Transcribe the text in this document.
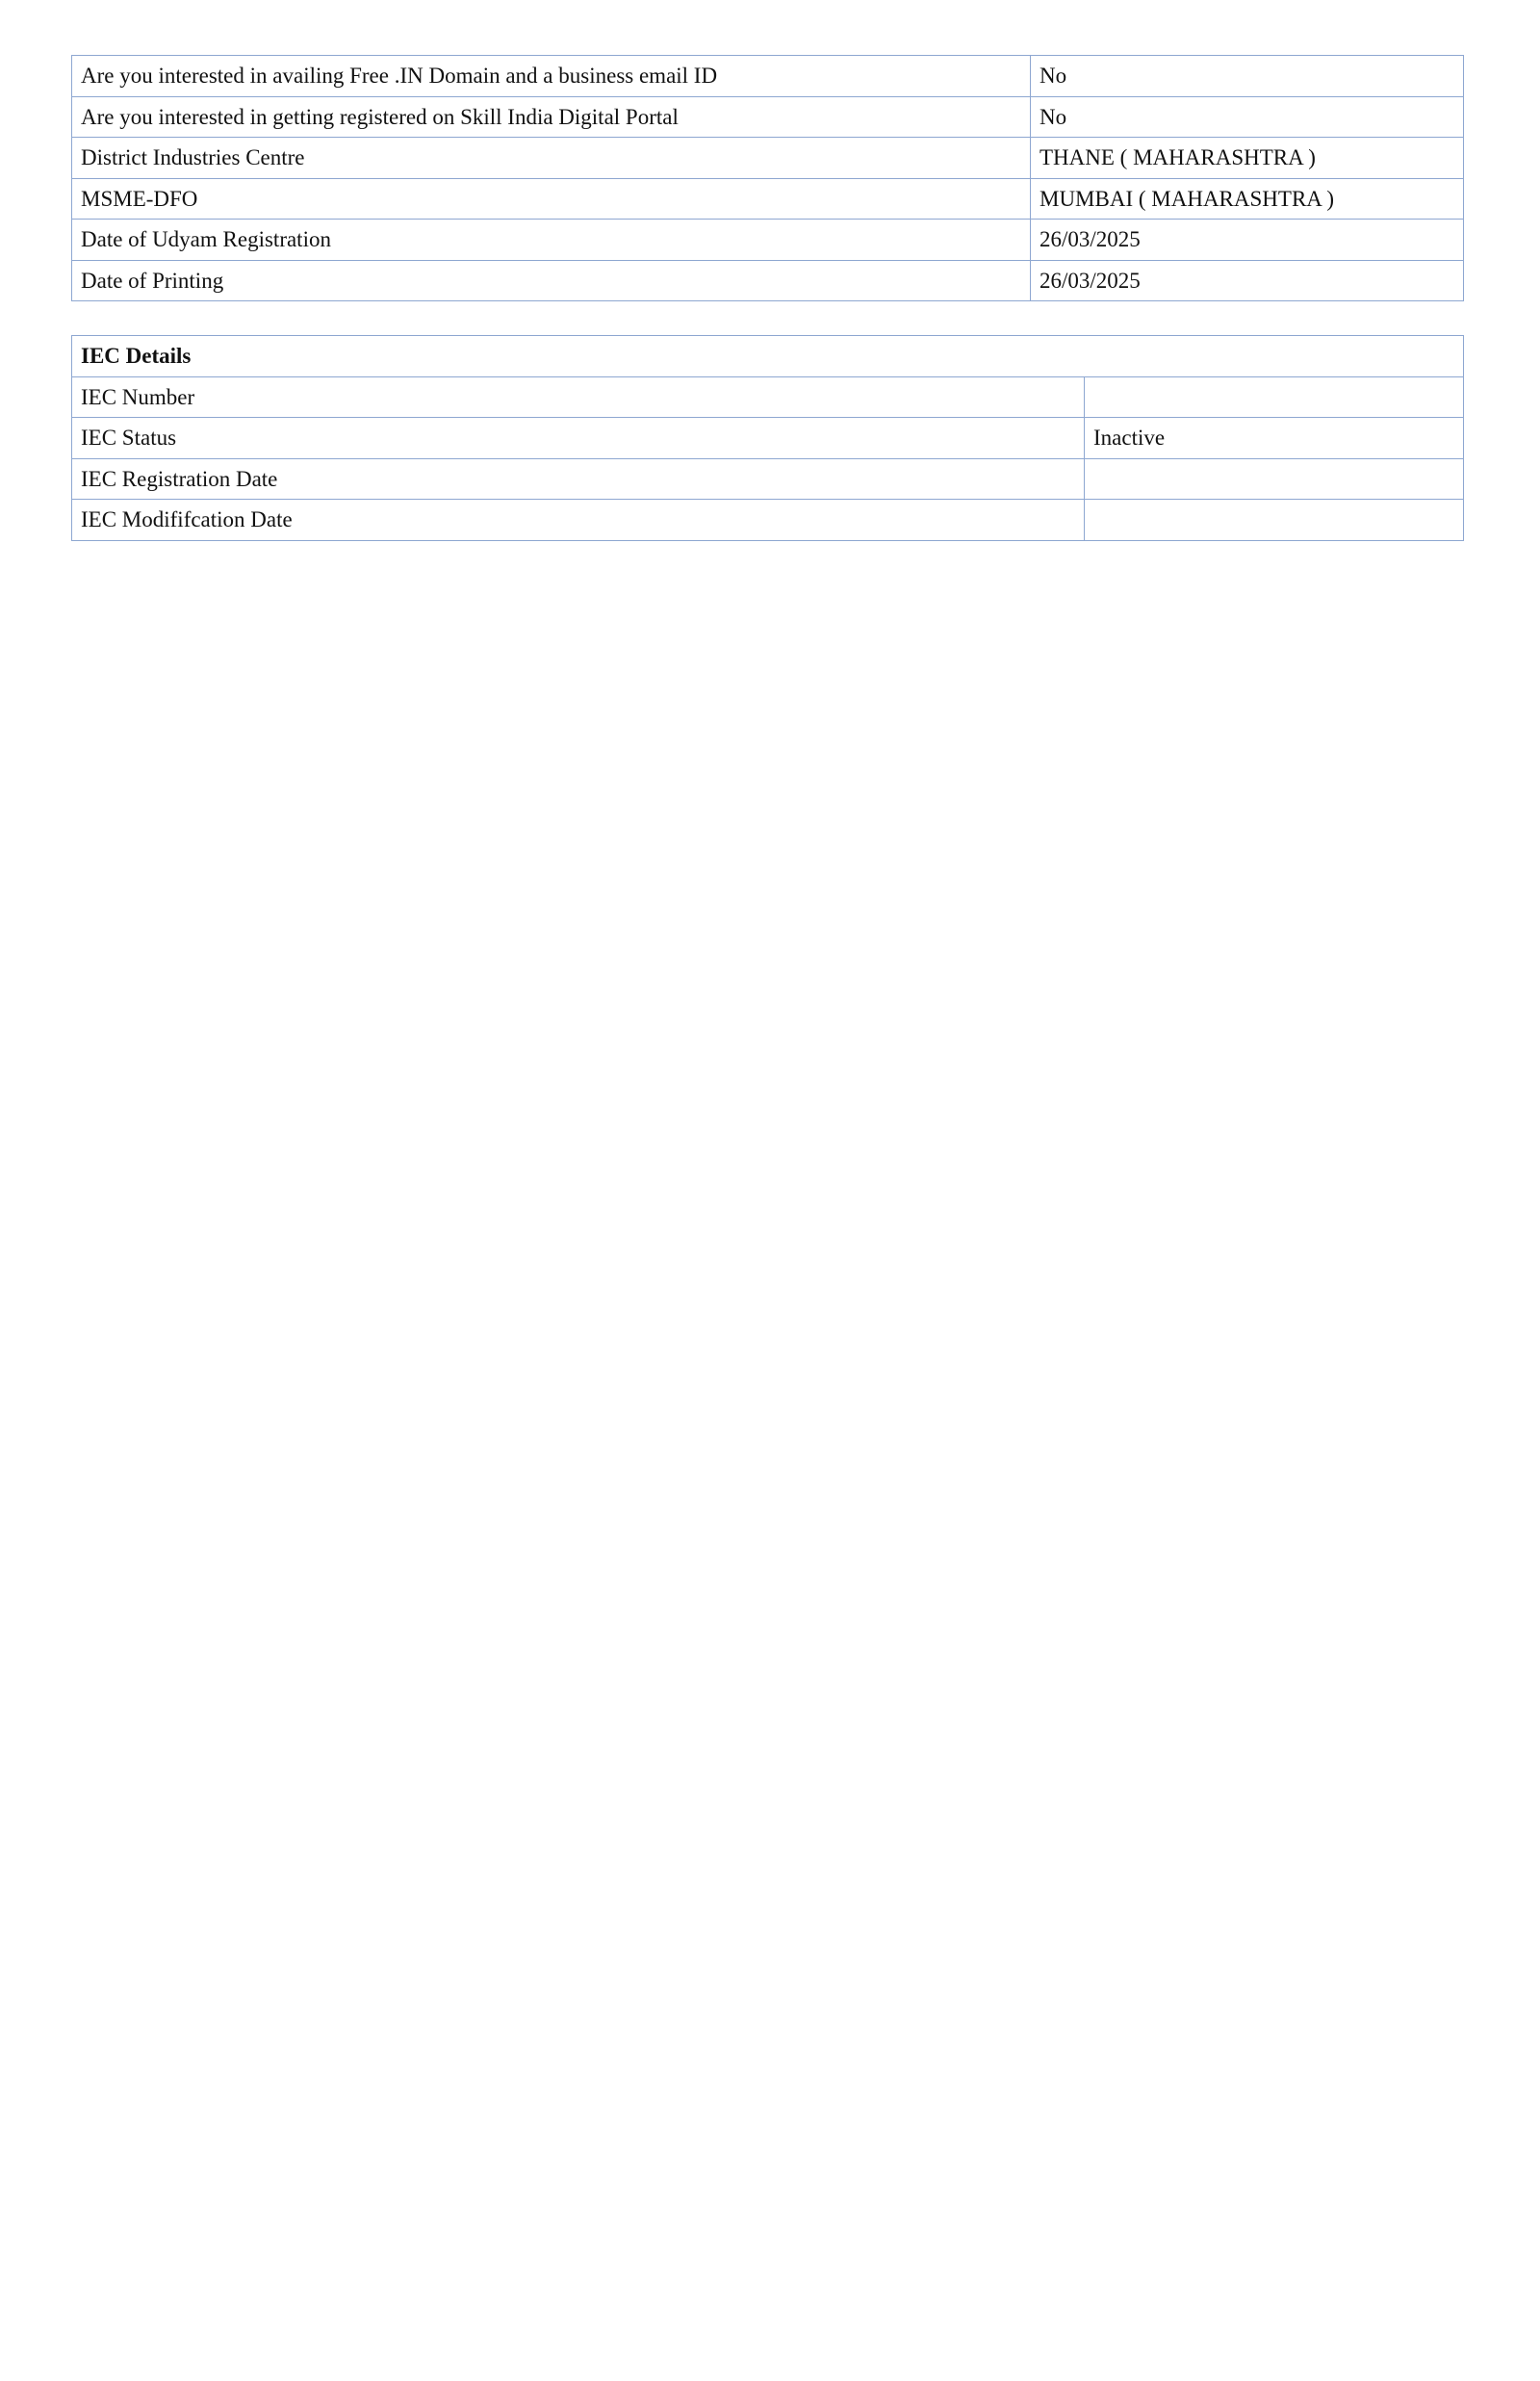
Are you interested in availing Free .IN Domain and a business email ID	No
Are you interested in getting registered on Skill India Digital Portal	No
District Industries Centre	THANE ( MAHARASHTRA )
MSME-DFO	MUMBAI ( MAHARASHTRA )
Date of Udyam Registration	26/03/2025
Date of Printing	26/03/2025
IEC Details	
IEC Number	
IEC Status	Inactive
IEC Registration Date	
IEC Modififcation Date	
